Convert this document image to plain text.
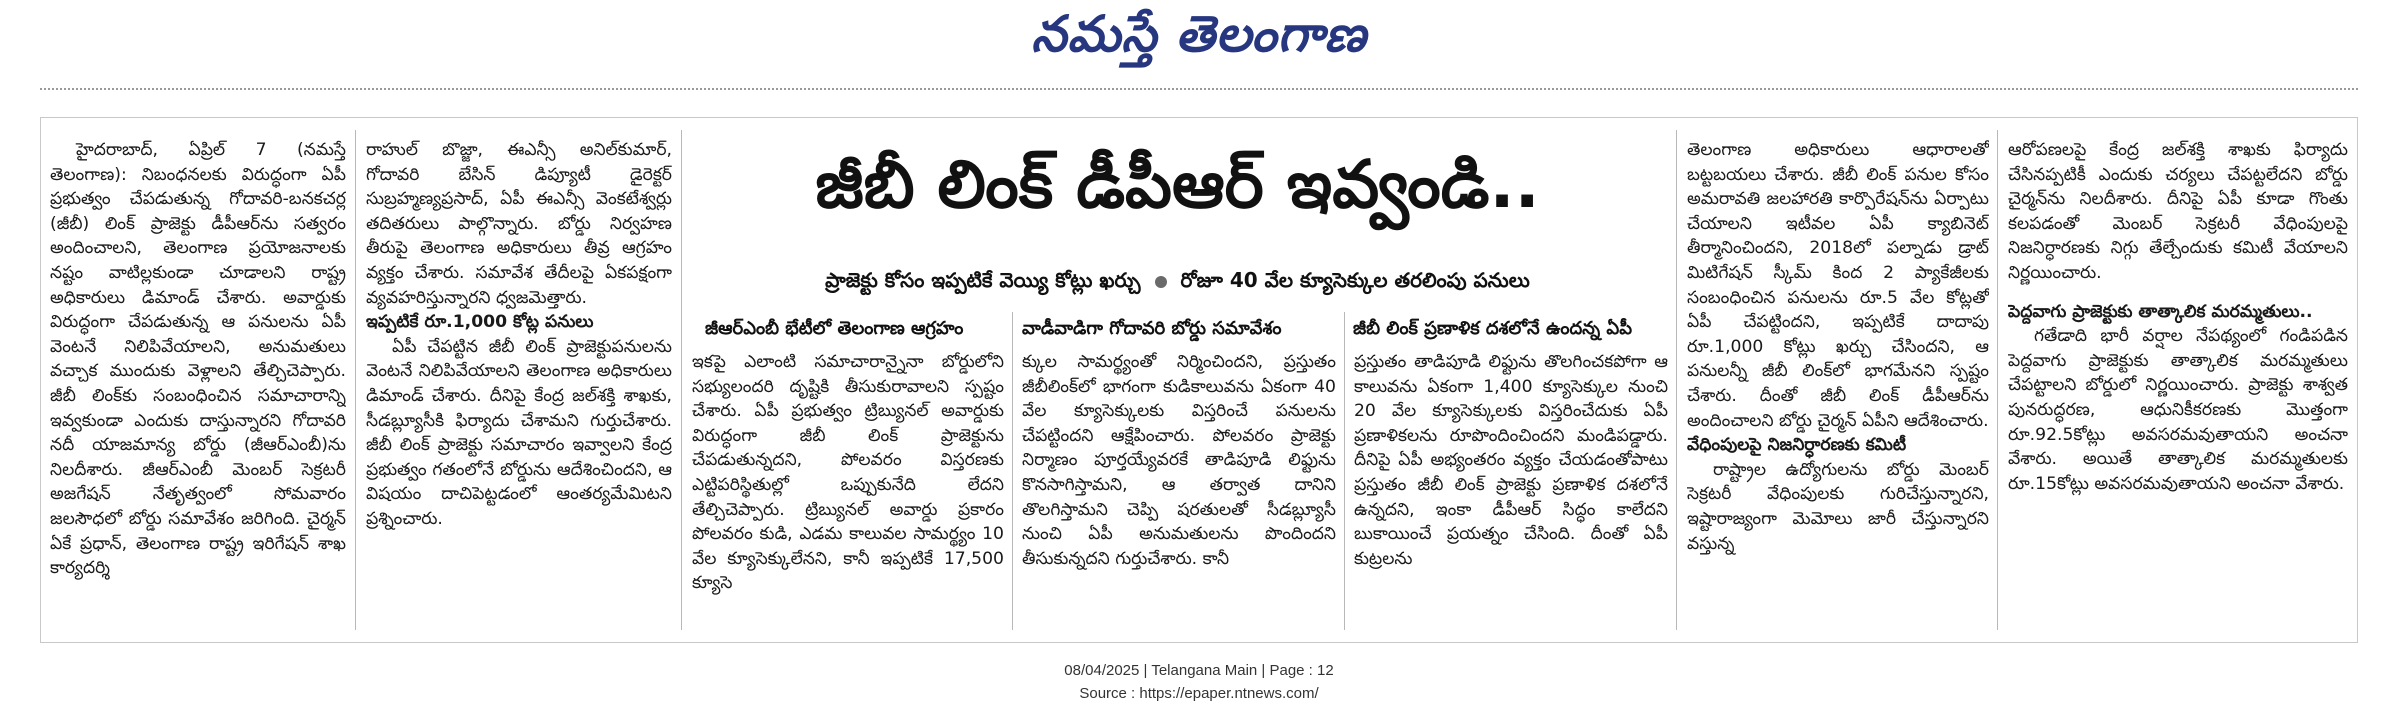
నమస్తే తెలంగాణ

హైదరాబాద్, ఏప్రిల్ 7 (నమస్తే తెలంగాణ): నిబంధనలకు విరుద్ధంగా ఏపీ ప్రభుత్వం చేపడుతున్న గోదావరి-బనకచర్ల (జీబీ) లింక్ ప్రాజెక్టు డీపీఆర్‌ను సత్వరం అందించాలని, తెలంగాణ ప్రయోజనాలకు నష్టం వాటిల్లకుండా చూడాలని రాష్ట్ర అధికారులు డిమాండ్ చేశారు. అవార్డుకు విరుద్ధంగా చేపడుతున్న ఆ పనులను ఏపీ వెంటనే నిలిపివేయాలని, అనుమతులు వచ్చాక ముందుకు వెళ్లాలని తేల్చిచెప్పారు. జీబీ లింక్‌కు సంబంధించిన సమాచారాన్ని ఇవ్వకుండా ఎందుకు దాస్తున్నారని గోదావరి నదీ యాజమాన్య బోర్డు (జీఆర్ఎంబీ)ను నిలదీశారు. జీఆర్ఎంబీ మెంబర్ సెక్రటరీ అజగేషన్ నేతృత్వంలో సోమవారం జలసౌధలో బోర్డు సమావేశం జరిగింది. చైర్మన్ ఏకే ప్రధాన్, తెలంగాణ రాష్ట్ర ఇరిగేషన్ శాఖ కార్యదర్శి

రాహుల్ బొజ్జా, ఈఎన్సీ అనిల్‌కుమార్, గోదావరి బేసిన్ డిప్యూటీ డైరెక్టర్ సుబ్రహ్మణ్యప్రసాద్, ఏపీ ఈఎన్సీ వెంకటేశ్వర్లు తదితరులు పాల్గొన్నారు. బోర్డు నిర్వహణ తీరుపై తెలంగాణ అధికారులు తీవ్ర ఆగ్రహం వ్యక్తం చేశారు. సమావేశ తేదీలపై ఏకపక్షంగా వ్యవహరిస్తున్నారని ధ్వజమెత్తారు.

ఇప్పటికే రూ.1,000 కోట్ల పనులు

ఏపీ చేపట్టిన జీబీ లింక్ ప్రాజెక్టుపనులను వెంటనే నిలిపివేయాలని తెలంగాణ అధికారులు డిమాండ్ చేశారు. దీనిపై కేంద్ర జల్‌శక్తి శాఖకు, సీడబ్ల్యూసీకి ఫిర్యాదు చేశామని గుర్తుచేశారు. జీబీ లింక్ ప్రాజెక్టు సమాచారం ఇవ్వాలని కేంద్ర ప్రభుత్వం గతంలోనే బోర్డును ఆదేశించిందని, ఆ విషయం దాచిపెట్టడంలో ఆంతర్యమేమిటని ప్రశ్నించారు.

జీబీ లింక్ డీపీఆర్ ఇవ్వండి..
ప్రాజెక్టు కోసం ఇప్పటికే వెయ్యి కోట్లు ఖర్చు రోజూ 40 వేల క్యూసెక్కుల తరలింపు పనులు
జీఆర్ఎంబీ భేటీలో తెలంగాణ ఆగ్రహం	వాడీవాడిగా గోదావరి బోర్డు సమావేశం	జీబీ లింక్ ప్రణాళిక దశలోనే ఉందన్న ఏపీ

ఇకపై ఎలాంటి సమాచారాన్నైనా బోర్డులోని సభ్యులందరి దృష్టికి తీసుకురావాలని స్పష్టం చేశారు. ఏపీ ప్రభుత్వం ట్రిబ్యునల్ అవార్డుకు విరుద్ధంగా జీబీ లింక్ ప్రాజెక్టును చేపడుతున్నదని, పోలవరం విస్తరణకు ఎట్టిపరిస్థితుల్లో ఒప్పుకునేది లేదని తేల్చిచెప్పారు. ట్రిబ్యునల్ అవార్డు ప్రకారం పోలవరం కుడి, ఎడమ కాలువల సామర్థ్యం 10 వేల క్యూసెక్కులేనని, కానీ ఇప్పటికే 17,500 క్యూసె

క్కుల సామర్థ్యంతో నిర్మించిందని, ప్రస్తుతం జీబీలింక్‌లో భాగంగా కుడికాలువను ఏకంగా 40 వేల క్యూసెక్కులకు విస్తరించే పనులను చేపట్టిందని ఆక్షేపించారు. పోలవరం ప్రాజెక్టు నిర్మాణం పూర్తయ్యేవరకే తాడిపూడి లిఫ్టును కొనసాగిస్తామని, ఆ తర్వాత దానిని తొలగిస్తామని చెప్పి షరతులతో సీడబ్ల్యూసీ నుంచి ఏపీ అనుమతులను పొందిందని తీసుకున్నదని గుర్తుచేశారు. కానీ

ప్రస్తుతం తాడిపూడి లిఫ్టును తొలగించకపోగా ఆ కాలువను ఏకంగా 1,400 క్యూసెక్కుల నుంచి 20 వేల క్యూసెక్కులకు విస్తరించేదుకు ఏపీ ప్రణాళికలను రూపొందించిందని మండిపడ్డారు. దీనిపై ఏపీ అభ్యంతరం వ్యక్తం చేయడంతోపాటు ప్రస్తుతం జీబీ లింక్ ప్రాజెక్టు ప్రణాళిక దశలోనే ఉన్నదని, ఇంకా డీపీఆర్ సిద్ధం కాలేదని బుకాయించే ప్రయత్నం చేసింది. దీంతో ఏపీ కుట్రలను

తెలంగాణ అధికారులు ఆధారాలతో బట్టబయలు చేశారు. జీబీ లింక్ పనుల కోసం అమరావతి జలహారతి కార్పొరేషన్‌ను ఏర్పాటు చేయాలని ఇటీవల ఏపీ క్యాబినెట్ తీర్మానించిందని, 2018లో పల్నాడు డ్రాట్ మిటిగేషన్ స్కీమ్ కింద 2 ప్యాకేజీలకు సంబంధించిన పనులను రూ.5 వేల కోట్లతో ఏపీ చేపట్టిందని, ఇప్పటికే దాదాపు రూ.1,000 కోట్లు ఖర్చు చేసిందని, ఆ పనులన్నీ జీబీ లింక్‌లో భాగమేనని స్పష్టం చేశారు. దీంతో జీబీ లింక్ డీపీఆర్‌ను అందించాలని బోర్డు చైర్మన్ ఏపీని ఆదేశించారు.

వేధింపులపై నిజనిర్ధారణకు కమిటీ

రాష్ట్రాల ఉద్యోగులను బోర్డు మెంబర్ సెక్రటరీ వేధింపులకు గురిచేస్తున్నారని, ఇష్టారాజ్యంగా మెమోలు జారీ చేస్తున్నారని వస్తున్న

ఆరోపణలపై కేంద్ర జల్‌శక్తి శాఖకు ఫిర్యాదు చేసినప్పటికీ ఎందుకు చర్యలు చేపట్టలేదని బోర్డు చైర్మన్‌ను నిలదీశారు. దీనిపై ఏపీ కూడా గొంతు కలపడంతో మెంబర్ సెక్రటరీ వేధింపులపై నిజనిర్ధారణకు నిగ్గు తేల్చేందుకు కమిటీ వేయాలని నిర్ణయించారు.

పెద్దవాగు ప్రాజెక్టుకు తాత్కాలిక మరమ్మతులు..

గతేడాది భారీ వర్షాల నేపథ్యంలో గండిపడిన పెద్దవాగు ప్రాజెక్టుకు తాత్కాలిక మరమ్మతులు చేపట్టాలని బోర్డులో నిర్ణయించారు. ప్రాజెక్టు శాశ్వత పునరుద్ధరణ, ఆధునికీకరణకు మొత్తంగా రూ.92.5కోట్లు అవసరమవుతాయని అంచనా వేశారు. అయితే తాత్కాలిక మరమ్మతులకు రూ.15కోట్లు అవసరమవుతాయని అంచనా వేశారు.

08/04/2025 | Telangana Main | Page : 12
Source : https://epaper.ntnews.com/
